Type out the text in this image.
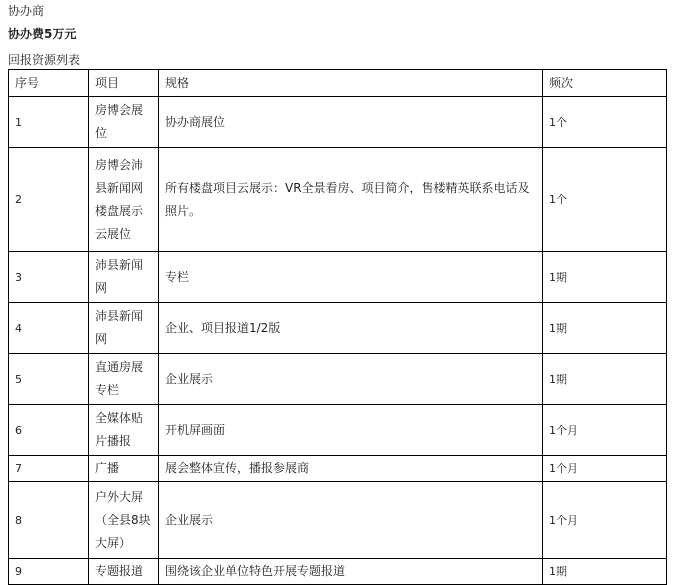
协办商
协办费5万元
回报资源列表
序号	项目	规格	频次
1	房博会展位	协办商展位	1个
2	房博会沛县新闻网楼盘展示云展位	所有楼盘项目云展示：VR全景看房、项目简介，售楼精英联系电话及照片。	1个
3	沛县新闻网	专栏	1期
4	沛县新闻网	企业、项目报道1/2版	1期
5	直通房展专栏	企业展示	1期
6	全媒体贴片播报	开机屏画面	1个月
7	广播	展会整体宣传，播报参展商	1个月
8	户外大屏（全县8块大屏）	企业展示	1个月
9	专题报道	围绕该企业单位特色开展专题报道	1期
